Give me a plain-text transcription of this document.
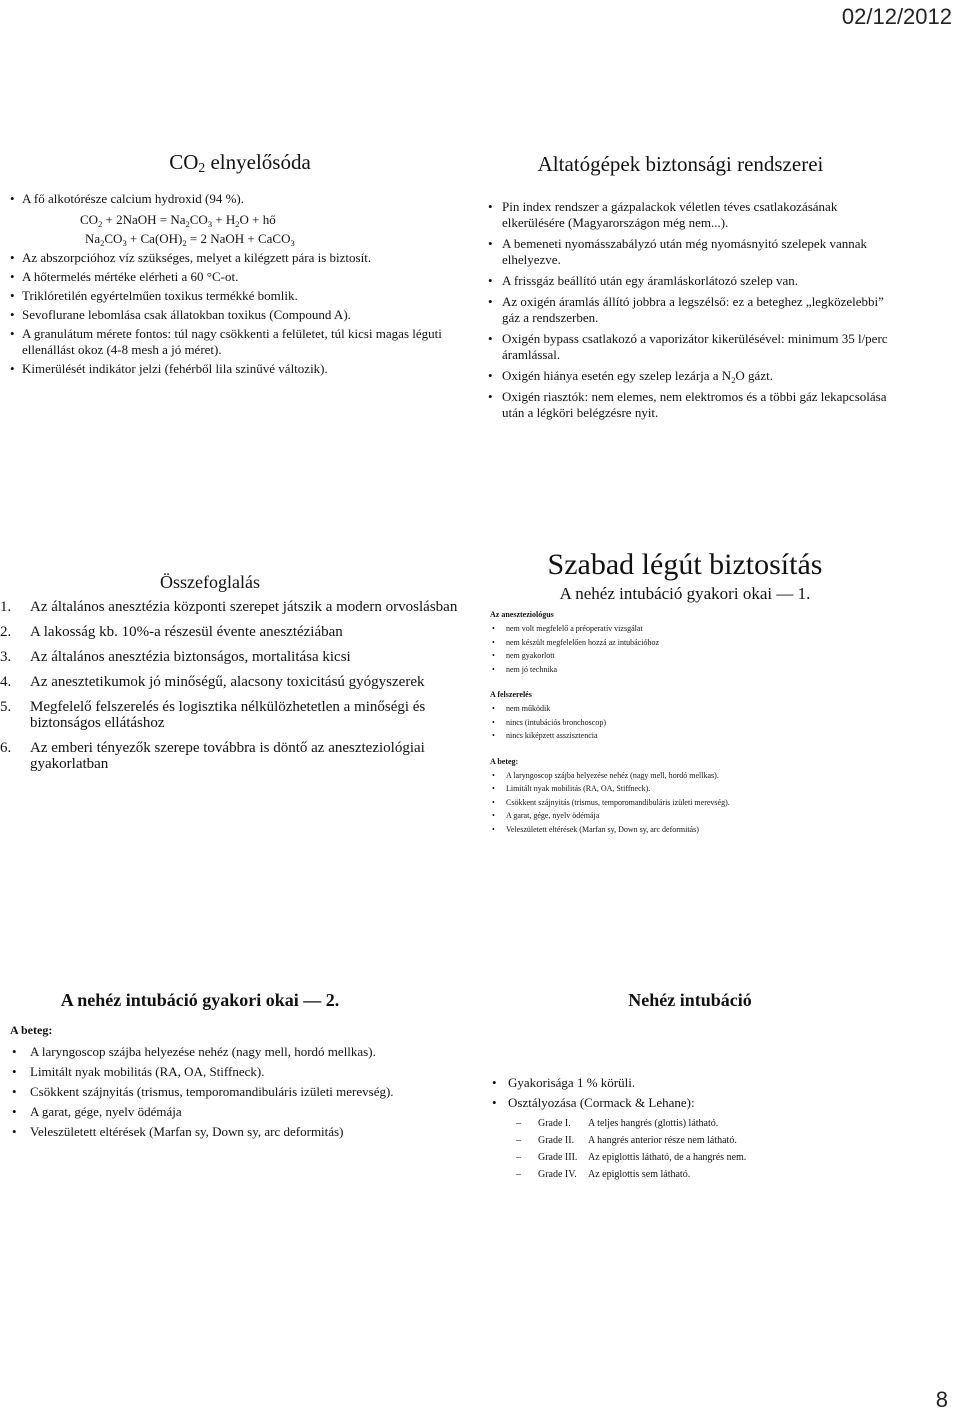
02/12/2012
$CO_2$ elnyelősóda
• A fő alkotórésze calcium hydroxid (94 %).
$CO_2$ + 2NaOH = $Na_2CO_3 + H_2O$ + hő
$Na_2CO_3 + Ca(OH)_2 = 2$ NaOH + CaCO$_3$
• Az abszorpcióhoz víz szükséges, melyet a kilégzett pára is biztosít.
• A hőtermelés mértéke elérheti a 60 °C-ot.
• Triklóretilén egyértelműen toxikus termékké bomlik.
• Sevoflurane lebomlása csak állatokban toxikus (Compound A).
• A granulátum mérete fontos: túl nagy csökkenti a felületet, túl kicsi magas léguti ellenállást okoz (4-8 mesh a jó méret).
• Kimerülését indikátor jelzi (fehérből lila szinűvé változik).
Altatógépek biztonsági rendszerei
• Pin index rendszer a gázpalackok véletlen téves csatlakozásának elkerülésére (Magyarországon még nem...).
• A bemeneti nyomásszabályzó után még nyomásnyitó szelepek vannak elhelyezve.
• A frissgáz beállító után egy áramláskorlátozó szelep van.
• Az oxigén áramlás állító jobbra a legszélső: ez a beteghez „legközelebbi” gáz a rendszerben.
• Oxigén bypass csatlakozó a vaporizátor kikerülésével: minimum 35 l/perc áramlással.
• Oxigén hiánya esetén egy szelep lezárja a $N_2O$ gázt.
• Oxigén riasztók: nem elemes, nem elektromos és a többi gáz lekapcsolása után a légköri belégzésre nyit.
Összefoglalás
1. Az általános anesztézia központi szerepet játszik a modern orvoslásban
2. A lakosság kb. 10%-a részesül évente anesztéziában
3. Az általános anesztézia biztonságos, mortalitása kicsi
4. Az anesztetikumok jó minőségű, alacsony toxicitású gyógyszerek
5. Megfelelő felszerelés és logisztika nélkülözhetetlen a minőségi és biztonságos ellátáshoz
6. Az emberi tényezők szerepe továbbra is döntő az aneszteziológiai gyakorlatban
Szabad légút biztosítás
A nehéz intubáció gyakori okai — 1.
Az aneszteziológus
• nem volt megfelelő a préoperatív vizsgálat
• nem készült megfelelően hozzá az intubációhoz
• nem gyakorlott
• nem jó technika
A felszerelés
• nem működik
• nincs (intubációs bronchoscop)
• nincs kiképzett asszisztencia
A beteg:
• A laryngoscop szájba helyezése nehéz (nagy mell, hordó mellkas).
• Limitált nyak mobilitás (RA, OA, Stiffneck).
• Csökkent szájnyitás (trismus, temporomandibuláris izületi merevség).
• A garat, gége, nyelv ödémája
• Veleszületett eltérések (Marfan sy, Down sy, arc deformitás)
A nehéz intubáció gyakori okai — 2.
A beteg:
• A laryngoscop szájba helyezése nehéz (nagy mell, hordó mellkas).
• Limitált nyak mobilitás (RA, OA, Stiffneck).
• Csökkent szájnyitás (trismus, temporomandibuláris izületi merevség).
• A garat, gége, nyelv ödémája
• Veleszületett eltérések (Marfan sy, Down sy, arc deformitás)
Nehéz intubáció
• Gyakorisága 1 % körüli.
• Osztályozása (Cormack & Lehane):
– Grade I. A teljes hangrés (glottis) látható.
– Grade II. A hangrés anterior része nem látható.
– Grade III. Az epiglottis látható, de a hangrés nem.
– Grade IV. Az epiglottis sem látható.
8
